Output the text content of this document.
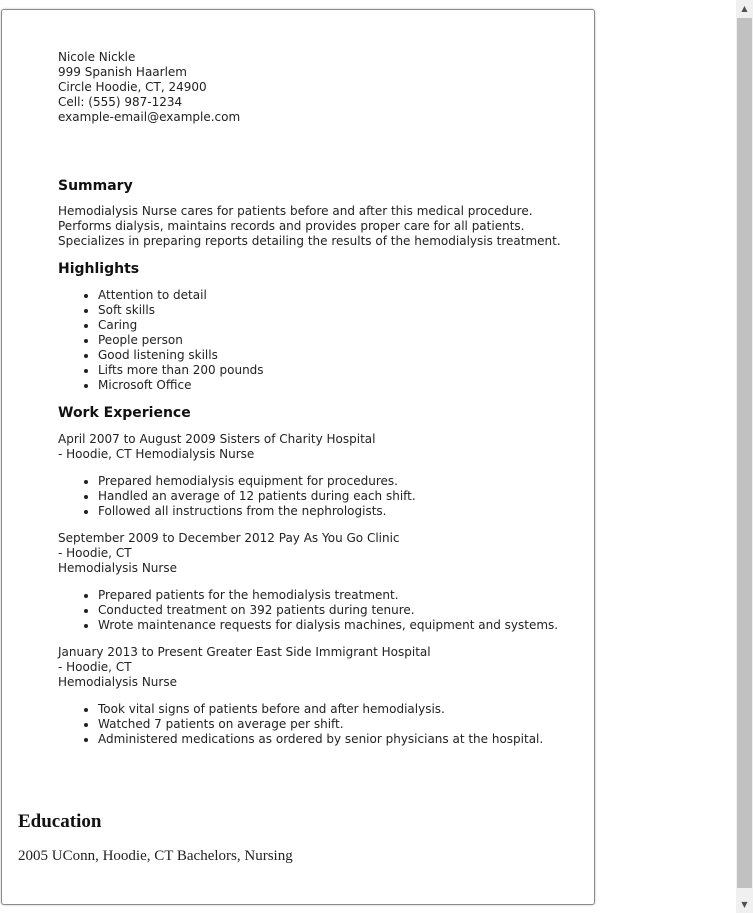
Nicole Nickle
999 Spanish Haarlem
Circle Hoodie, CT, 24900
Cell: (555) 987-1234
example-email@example.com
Summary

Hemodialysis Nurse cares for patients before and after this medical procedure. Performs dialysis, maintains records and provides proper care for all patients. Specializes in preparing reports detailing the results of the hemodialysis treatment.

Highlights
• Attention to detail
• Soft skills
• Caring
• People person
• Good listening skills
• Lifts more than 200 pounds
• Microsoft Office
Work Experience
April 2007 to August 2009 Sisters of Charity Hospital
- Hoodie, CT Hemodialysis Nurse
• Prepared hemodialysis equipment for procedures.
• Handled an average of 12 patients during each shift.
• Followed all instructions from the nephrologists.
September 2009 to December 2012 Pay As You Go Clinic
- Hoodie, CT
Hemodialysis Nurse
• Prepared patients for the hemodialysis treatment.
• Conducted treatment on 392 patients during tenure.
• Wrote maintenance requests for dialysis machines, equipment and systems.
January 2013 to Present Greater East Side Immigrant Hospital
- Hoodie, CT
Hemodialysis Nurse
• Took vital signs of patients before and after hemodialysis.
• Watched 7 patients on average per shift.
• Administered medications as ordered by senior physicians at the hospital.
Education
2005 UConn, Hoodie, CT Bachelors, Nursing
▲
▼
